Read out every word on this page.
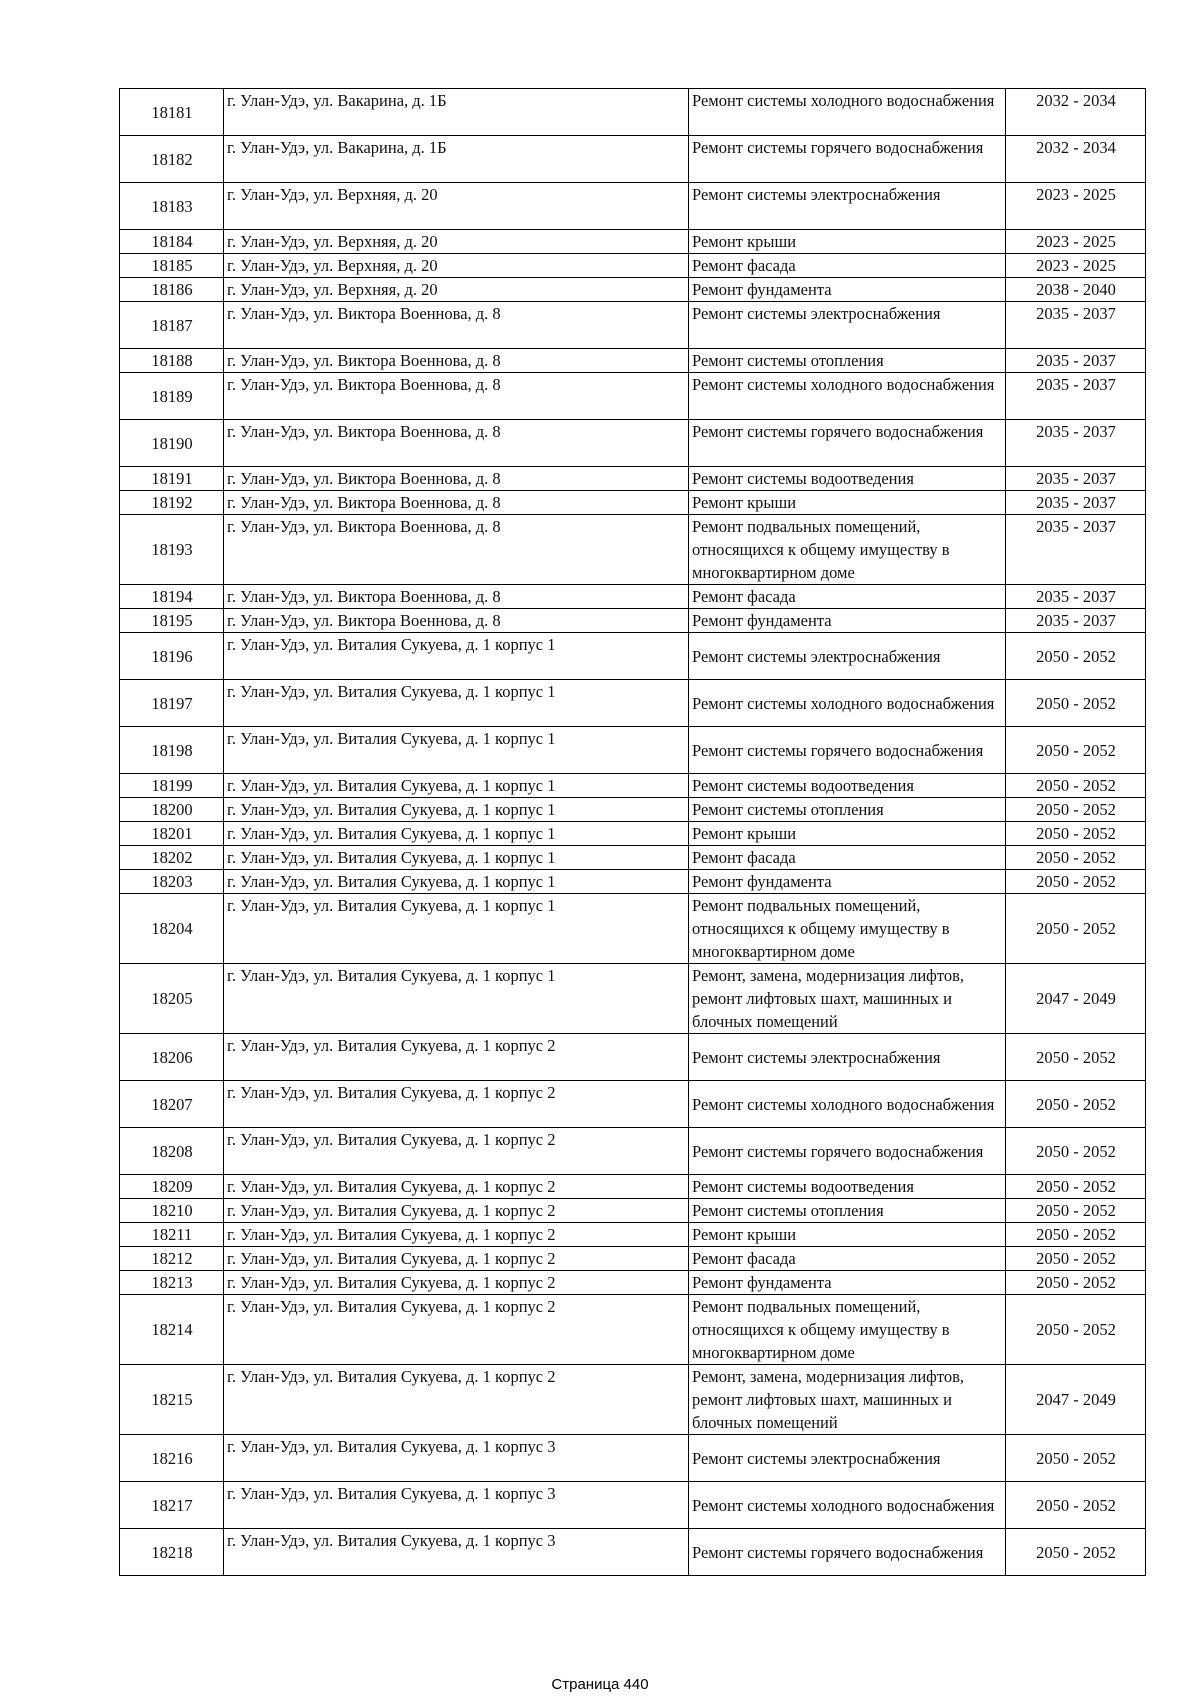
18181	г. Улан-Удэ, ул. Вакарина, д. 1Б	Ремонт системы холодного водоснабжения	2032 - 2034
18182	г. Улан-Удэ, ул. Вакарина, д. 1Б	Ремонт системы горячего водоснабжения	2032 - 2034
18183	г. Улан-Удэ, ул. Верхняя, д. 20	Ремонт системы электроснабжения	2023 - 2025
18184	г. Улан-Удэ, ул. Верхняя, д. 20	Ремонт крыши	2023 - 2025
18185	г. Улан-Удэ, ул. Верхняя, д. 20	Ремонт фасада	2023 - 2025
18186	г. Улан-Удэ, ул. Верхняя, д. 20	Ремонт фундамента	2038 - 2040
18187	г. Улан-Удэ, ул. Виктора Военнова, д. 8	Ремонт системы электроснабжения	2035 - 2037
18188	г. Улан-Удэ, ул. Виктора Военнова, д. 8	Ремонт системы отопления	2035 - 2037
18189	г. Улан-Удэ, ул. Виктора Военнова, д. 8	Ремонт системы холодного водоснабжения	2035 - 2037
18190	г. Улан-Удэ, ул. Виктора Военнова, д. 8	Ремонт системы горячего водоснабжения	2035 - 2037
18191	г. Улан-Удэ, ул. Виктора Военнова, д. 8	Ремонт системы водоотведения	2035 - 2037
18192	г. Улан-Удэ, ул. Виктора Военнова, д. 8	Ремонт крыши	2035 - 2037
18193	г. Улан-Удэ, ул. Виктора Военнова, д. 8	Ремонт подвальных помещений, относящихся к общему имуществу в многоквартирном доме	2035 - 2037
18194	г. Улан-Удэ, ул. Виктора Военнова, д. 8	Ремонт фасада	2035 - 2037
18195	г. Улан-Удэ, ул. Виктора Военнова, д. 8	Ремонт фундамента	2035 - 2037
18196	г. Улан-Удэ, ул. Виталия Сукуева, д. 1 корпус 1	Ремонт системы электроснабжения	2050 - 2052
18197	г. Улан-Удэ, ул. Виталия Сукуева, д. 1 корпус 1	Ремонт системы холодного водоснабжения	2050 - 2052
18198	г. Улан-Удэ, ул. Виталия Сукуева, д. 1 корпус 1	Ремонт системы горячего водоснабжения	2050 - 2052
18199	г. Улан-Удэ, ул. Виталия Сукуева, д. 1 корпус 1	Ремонт системы водоотведения	2050 - 2052
18200	г. Улан-Удэ, ул. Виталия Сукуева, д. 1 корпус 1	Ремонт системы отопления	2050 - 2052
18201	г. Улан-Удэ, ул. Виталия Сукуева, д. 1 корпус 1	Ремонт крыши	2050 - 2052
18202	г. Улан-Удэ, ул. Виталия Сукуева, д. 1 корпус 1	Ремонт фасада	2050 - 2052
18203	г. Улан-Удэ, ул. Виталия Сукуева, д. 1 корпус 1	Ремонт фундамента	2050 - 2052
18204	г. Улан-Удэ, ул. Виталия Сукуева, д. 1 корпус 1	Ремонт подвальных помещений, относящихся к общему имуществу в многоквартирном доме	2050 - 2052
18205	г. Улан-Удэ, ул. Виталия Сукуева, д. 1 корпус 1	Ремонт, замена, модернизация лифтов, ремонт лифтовых шахт, машинных и блочных помещений	2047 - 2049
18206	г. Улан-Удэ, ул. Виталия Сукуева, д. 1 корпус 2	Ремонт системы электроснабжения	2050 - 2052
18207	г. Улан-Удэ, ул. Виталия Сукуева, д. 1 корпус 2	Ремонт системы холодного водоснабжения	2050 - 2052
18208	г. Улан-Удэ, ул. Виталия Сукуева, д. 1 корпус 2	Ремонт системы горячего водоснабжения	2050 - 2052
18209	г. Улан-Удэ, ул. Виталия Сукуева, д. 1 корпус 2	Ремонт системы водоотведения	2050 - 2052
18210	г. Улан-Удэ, ул. Виталия Сукуева, д. 1 корпус 2	Ремонт системы отопления	2050 - 2052
18211	г. Улан-Удэ, ул. Виталия Сукуева, д. 1 корпус 2	Ремонт крыши	2050 - 2052
18212	г. Улан-Удэ, ул. Виталия Сукуева, д. 1 корпус 2	Ремонт фасада	2050 - 2052
18213	г. Улан-Удэ, ул. Виталия Сукуева, д. 1 корпус 2	Ремонт фундамента	2050 - 2052
18214	г. Улан-Удэ, ул. Виталия Сукуева, д. 1 корпус 2	Ремонт подвальных помещений, относящихся к общему имуществу в многоквартирном доме	2050 - 2052
18215	г. Улан-Удэ, ул. Виталия Сукуева, д. 1 корпус 2	Ремонт, замена, модернизация лифтов, ремонт лифтовых шахт, машинных и блочных помещений	2047 - 2049
18216	г. Улан-Удэ, ул. Виталия Сукуева, д. 1 корпус 3	Ремонт системы электроснабжения	2050 - 2052
18217	г. Улан-Удэ, ул. Виталия Сукуева, д. 1 корпус 3	Ремонт системы холодного водоснабжения	2050 - 2052
18218	г. Улан-Удэ, ул. Виталия Сукуева, д. 1 корпус 3	Ремонт системы горячего водоснабжения	2050 - 2052
Страница 440
